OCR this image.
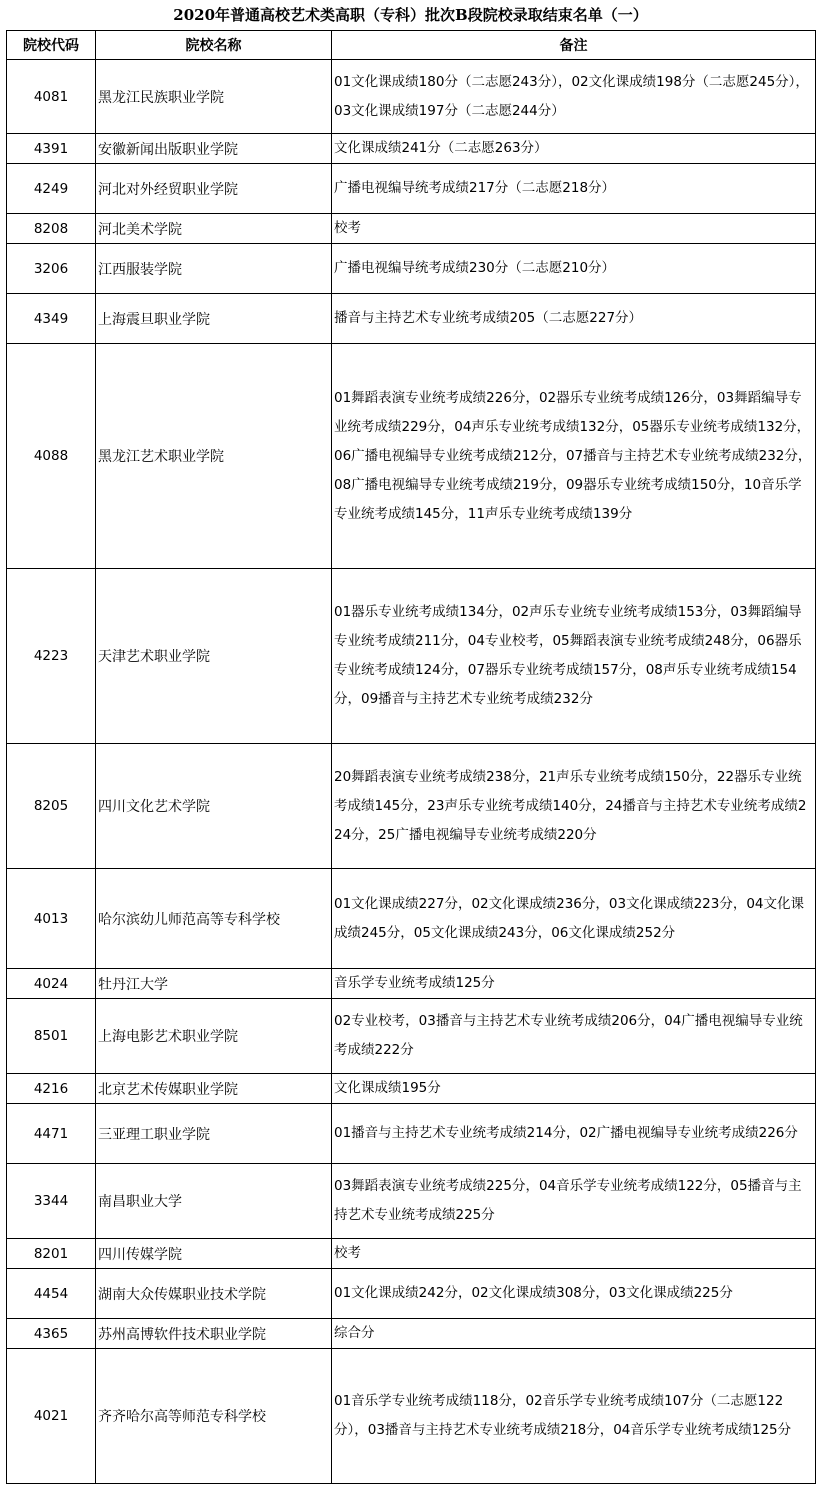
2020年普通高校艺术类高职（专科）批次B段院校录取结束名单（一）
院校代码	院校名称	备注
4081	黑龙江民族职业学院	01文化课成绩180分（二志愿243分），02文化课成绩198分（二志愿245分），03文化课成绩197分（二志愿244分）
4391	安徽新闻出版职业学院	文化课成绩241分（二志愿263分）
4249	河北对外经贸职业学院	广播电视编导统考成绩217分（二志愿218分）
8208	河北美术学院	校考
3206	江西服装学院	广播电视编导统考成绩230分（二志愿210分）
4349	上海震旦职业学院	播音与主持艺术专业统考成绩205（二志愿227分）
4088	黑龙江艺术职业学院	01舞蹈表演专业统考成绩226分，02器乐专业统考成绩126分，03舞蹈编导专业统考成绩229分，04声乐专业统考成绩132分，05器乐专业统考成绩132分，06广播电视编导专业统考成绩212分，07播音与主持艺术专业统考成绩232分，08广播电视编导专业统考成绩219分，09器乐专业统考成绩150分，10音乐学专业统考成绩145分，11声乐专业统考成绩139分
4223	天津艺术职业学院	01器乐专业统考成绩134分，02声乐专业统专业统考成绩153分，03舞蹈编导专业统考成绩211分，04专业校考，05舞蹈表演专业统考成绩248分，06器乐专业统考成绩124分，07器乐专业统考成绩157分，08声乐专业统考成绩154分，09播音与主持艺术专业统考成绩232分
8205	四川文化艺术学院	20舞蹈表演专业统考成绩238分，21声乐专业统考成绩150分，22器乐专业统考成绩145分，23声乐专业统考成绩140分，24播音与主持艺术专业统考成绩224分，25广播电视编导专业统考成绩220分
4013	哈尔滨幼儿师范高等专科学校	01文化课成绩227分，02文化课成绩236分，03文化课成绩223分，04文化课成绩245分，05文化课成绩243分，06文化课成绩252分
4024	牡丹江大学	音乐学专业统考成绩125分
8501	上海电影艺术职业学院	02专业校考，03播音与主持艺术专业统考成绩206分，04广播电视编导专业统考成绩222分
4216	北京艺术传媒职业学院	文化课成绩195分
4471	三亚理工职业学院	01播音与主持艺术专业统考成绩214分，02广播电视编导专业统考成绩226分
3344	南昌职业大学	03舞蹈表演专业统考成绩225分，04音乐学专业统考成绩122分，05播音与主持艺术专业统考成绩225分
8201	四川传媒学院	校考
4454	湖南大众传媒职业技术学院	01文化课成绩242分，02文化课成绩308分，03文化课成绩225分
4365	苏州高博软件技术职业学院	综合分
4021	齐齐哈尔高等师范专科学校	01音乐学专业统考成绩118分，02音乐学专业统考成绩107分（二志愿122分），03播音与主持艺术专业统考成绩218分，04音乐学专业统考成绩125分
